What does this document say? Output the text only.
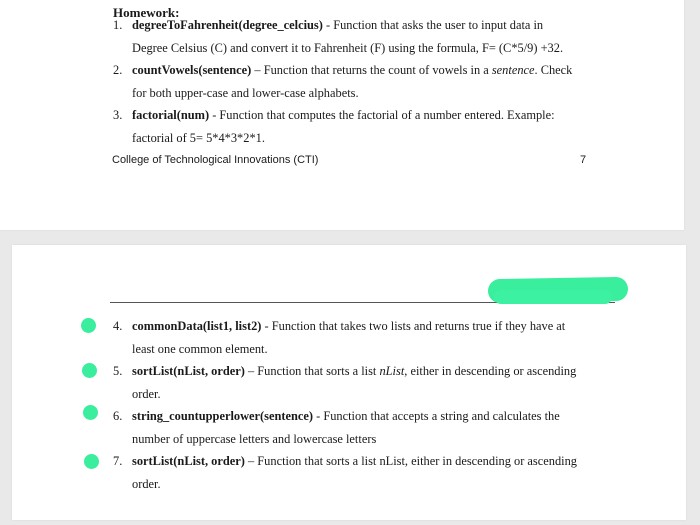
Homework:
1. degreeToFahrenheit(degree_celcius) - Function that asks the user to input data in
Degree Celsius (C) and convert it to Fahrenheit (F) using the formula, F= (C*5/9) +32.
2. countVowels(sentence) – Function that returns the count of vowels in a sentence. Check
for both upper-case and lower-case alphabets.
3. factorial(num) - Function that computes the factorial of a number entered. Example:
factorial of 5= 5*4*3*2*1.
College of Technological Innovations (CTI)	7
4. commonData(list1, list2) - Function that takes two lists and returns true if they have at
least one common element.
5. sortList(nList, order) – Function that sorts a list nList, either in descending or ascending
order.
6. string_countupperlower(sentence) - Function that accepts a string and calculates the
number of uppercase letters and lowercase letters
7. sortList(nList, order) – Function that sorts a list nList, either in descending or ascending
order.
